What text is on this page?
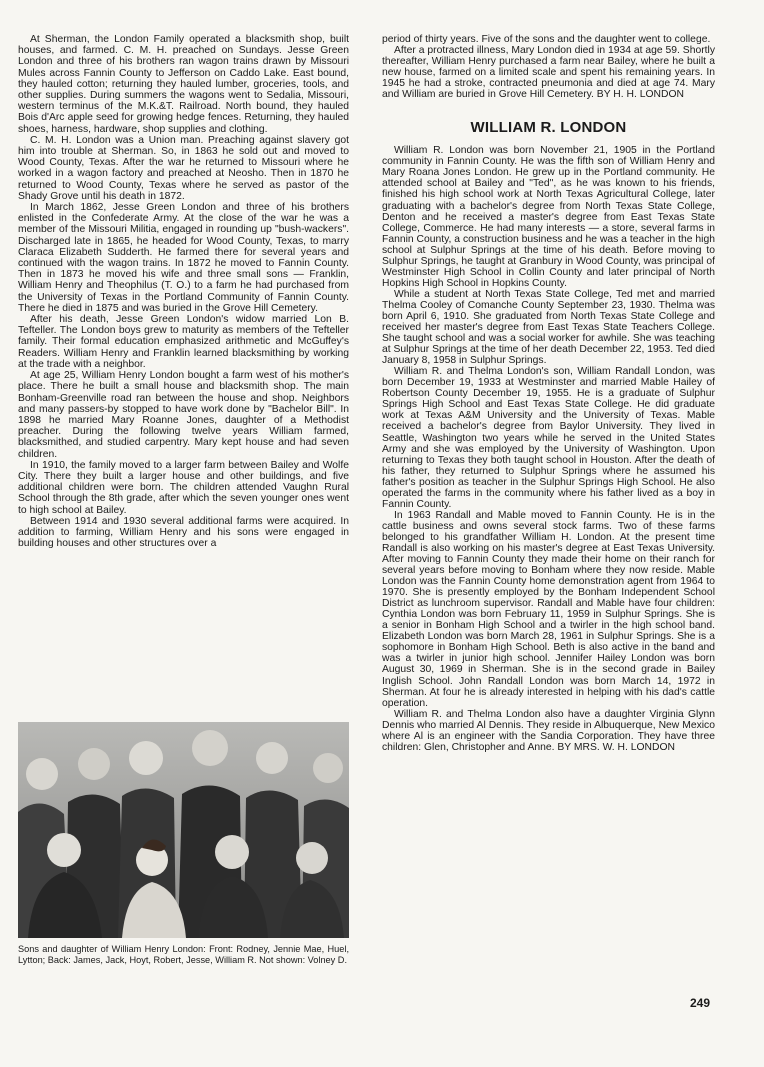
At Sherman, the London Family operated a blacksmith shop, built houses, and farmed. C. M. H. preached on Sundays. Jesse Green London and three of his brothers ran wagon trains drawn by Missouri Mules across Fannin County to Jefferson on Caddo Lake. East bound, they hauled cotton; returning they hauled lumber, groceries, tools, and other supplies. During summers the wagons went to Sedalia, Missouri, western terminus of the M.K.&T. Railroad. North bound, they hauled Bois d'Arc apple seed for growing hedge fences. Returning, they hauled shoes, harness, hardware, shop supplies and clothing.

C. M. H. London was a Union man. Preaching against slavery got him into trouble at Sherman. So, in 1863 he sold out and moved to Wood County, Texas. After the war he returned to Missouri where he worked in a wagon factory and preached at Neosho. Then in 1870 he returned to Wood County, Texas where he served as pastor of the Shady Grove until his death in 1872.

In March 1862, Jesse Green London and three of his brothers enlisted in the Confederate Army. At the close of the war he was a member of the Missouri Militia, engaged in rounding up "bush-wackers". Discharged late in 1865, he headed for Wood County, Texas, to marry Claraca Elizabeth Sudderth. He farmed there for several years and continued with the wagon trains. In 1872 he moved to Fannin County. Then in 1873 he moved his wife and three small sons — Franklin, William Henry and Theophilus (T. O.) to a farm he had purchased from the University of Texas in the Portland Community of Fannin County. There he died in 1875 and was buried in the Grove Hill Cemetery.

After his death, Jesse Green London's widow married Lon B. Tefteller. The London boys grew to maturity as members of the Tefteller family. Their formal education emphasized arithmetic and McGuffey's Readers. William Henry and Franklin learned blacksmithing by working at the trade with a neighbor.

At age 25, William Henry London bought a farm west of his mother's place. There he built a small house and blacksmith shop. The main Bonham-Greenville road ran between the house and shop. Neighbors and many passers-by stopped to have work done by "Bachelor Bill". In 1898 he married Mary Roanne Jones, daughter of a Methodist preacher. During the following twelve years William farmed, blacksmithed, and studied carpentry. Mary kept house and had seven children.

In 1910, the family moved to a larger farm between Bailey and Wolfe City. There they built a larger house and other buildings, and five additional children were born. The children attended Vaughn Rural School through the 8th grade, after which the seven younger ones went to high school at Bailey.

Between 1914 and 1930 several additional farms were acquired. In addition to farming, William Henry and his sons were engaged in building houses and other structures over a

Sons and daughter of William Henry London: Front: Rodney, Jennie Mae, Huel, Lytton; Back: James, Jack, Hoyt, Robert, Jesse, William R. Not shown: Volney D.

period of thirty years. Five of the sons and the daughter went to college.

After a protracted illness, Mary London died in 1934 at age 59. Shortly thereafter, William Henry purchased a farm near Bailey, where he built a new house, farmed on a limited scale and spent his remaining years. In 1945 he had a stroke, contracted pneumonia and died at age 74. Mary and William are buried in Grove Hill Cemetery. BY H. H. LONDON

WILLIAM R. LONDON

William R. London was born November 21, 1905 in the Portland community in Fannin County. He was the fifth son of William Henry and Mary Roana Jones London. He grew up in the Portland community. He attended school at Bailey and "Ted", as he was known to his friends, finished his high school work at North Texas Agricultural College, later graduating with a bachelor's degree from North Texas State College, Denton and he received a master's degree from East Texas State College, Commerce. He had many interests — a store, several farms in Fannin County, a construction business and he was a teacher in the high school at Sulphur Springs at the time of his death. Before moving to Sulphur Springs, he taught at Granbury in Wood County, was principal of Westminster High School in Collin County and later principal of North Hopkins High School in Hopkins County.

While a student at North Texas State College, Ted met and married Thelma Cooley of Comanche County September 23, 1930. Thelma was born April 6, 1910. She graduated from North Texas State College and received her master's degree from East Texas State Teachers College. She taught school and was a social worker for awhile. She was teaching at Sulphur Springs at the time of her death December 22, 1953. Ted died January 8, 1958 in Sulphur Springs.

William R. and Thelma London's son, William Randall London, was born December 19, 1933 at Westminster and married Mable Hailey of Robertson County December 19, 1955. He is a graduate of Sulphur Springs High School and East Texas State College. He did graduate work at Texas A&M University and the University of Texas. Mable received a bachelor's degree from Baylor University. They lived in Seattle, Washington two years while he served in the United States Army and she was employed by the University of Washington. Upon returning to Texas they both taught school in Houston. After the death of his father, they returned to Sulphur Springs where he assumed his father's position as teacher in the Sulphur Springs High School. He also operated the farms in the community where his father lived as a boy in Fannin County.

In 1963 Randall and Mable moved to Fannin County. He is in the cattle business and owns several stock farms. Two of these farms belonged to his grandfather William H. London. At the present time Randall is also working on his master's degree at East Texas University. After moving to Fannin County they made their home on their ranch for several years before moving to Bonham where they now reside. Mable London was the Fannin County home demonstration agent from 1964 to 1970. She is presently employed by the Bonham Independent School District as lunchroom supervisor. Randall and Mable have four children: Cynthia London was born February 11, 1959 in Sulphur Springs. She is a senior in Bonham High School and a twirler in the high school band. Elizabeth London was born March 28, 1961 in Sulphur Springs. She is a sophomore in Bonham High School. Beth is also active in the band and was a twirler in junior high school. Jennifer Hailey London was born August 30, 1969 in Sherman. She is in the second grade in Bailey Inglish School. John Randall London was born March 14, 1972 in Sherman. At four he is already interested in helping with his dad's cattle operation.

William R. and Thelma London also have a daughter Virginia Glynn Dennis who married Al Dennis. They reside in Albuquerque, New Mexico where Al is an engineer with the Sandia Corporation. They have three children: Glen, Christopher and Anne. BY MRS. W. H. LONDON

249
